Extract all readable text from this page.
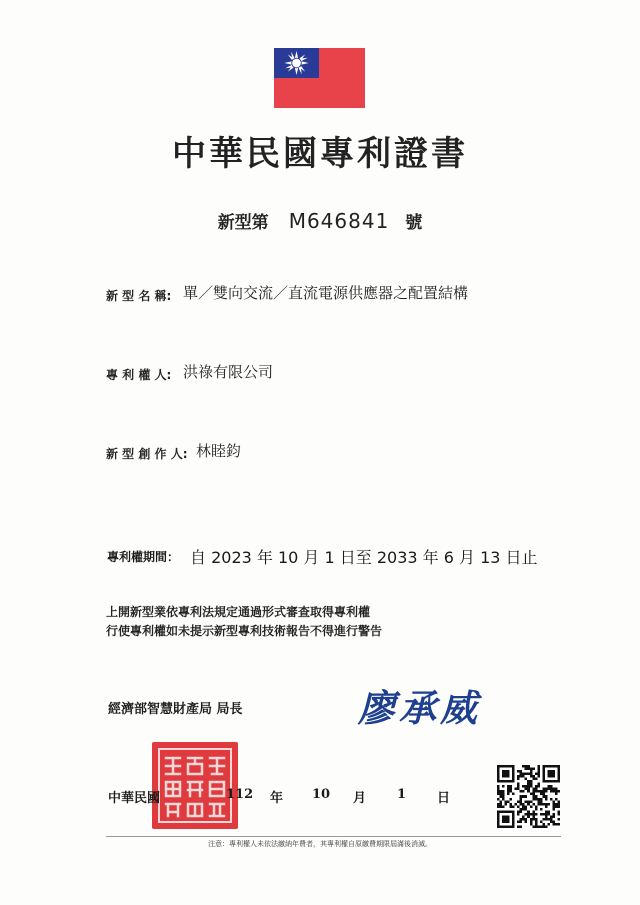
中華民國專利證書
新型第 M646841 號
新 型 名 稱: 單／雙向交流／直流電源供應器之配置結構
專 利 權 人: 洪祿有限公司
新 型 創 作 人: 林睦鈞
專利權期間： 自 2023 年 10 月 1 日至 2033 年 6 月 13 日止
上開新型業依專利法規定通過形式審查取得專利權
行使專利權如未提示新型專利技術報告不得進行警告
經濟部智慧財產局 局長	廖承威
中華民國	112 年 10 月 1 日
注意：專利權人未依法繳納年費者，其專利權自原繳費期限屆滿後消滅。
